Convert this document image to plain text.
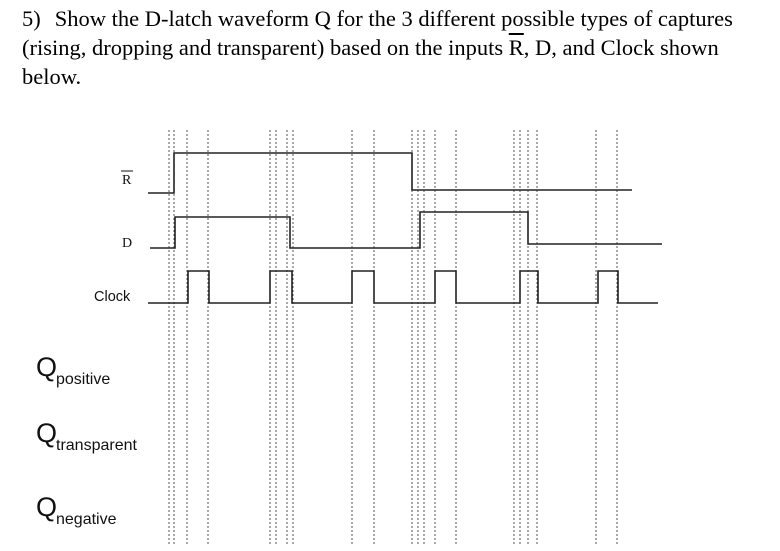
5) Show the D-latch waveform Q for the 3 different possible types of captures (rising, dropping and transparent) based on the inputs $\overline{R}$, D, and Clock shown below.
R
D
Clock
Q
positive
Q
transparent
Q
negative
